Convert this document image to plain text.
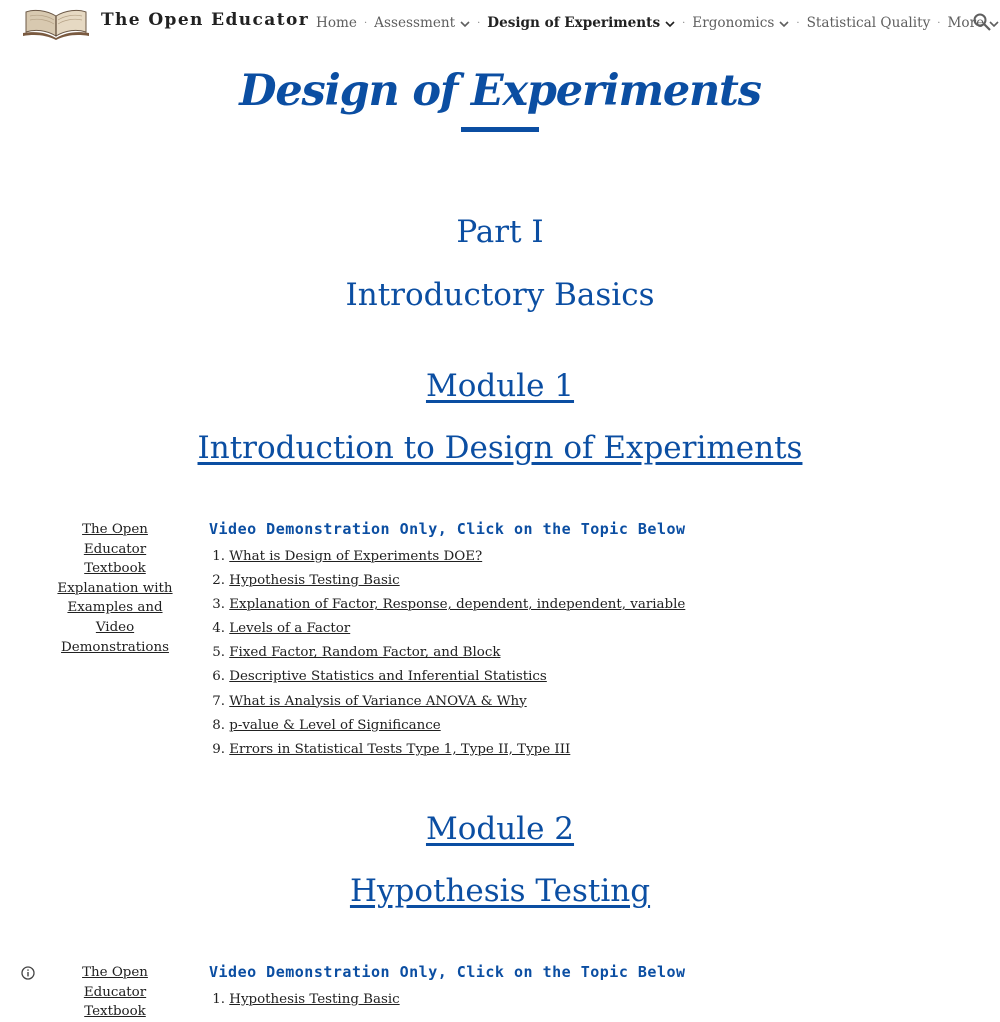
The Open Educator Home · Assessment · Design of Experiments · Ergonomics · Statistical Quality · More
Design of Experiments
Part I
Introductory Basics
Module 1
Introduction to Design of Experiments
The Open Educator Textbook Explanation with Examples and Video Demonstrations
Video Demonstration Only, Click on the Topic Below
1. What is Design of Experiments DOE?
2. Hypothesis Testing Basic
3. Explanation of Factor, Response, dependent, independent, variable
4. Levels of a Factor
5. Fixed Factor, Random Factor, and Block
6. Descriptive Statistics and Inferential Statistics
7. What is Analysis of Variance ANOVA & Why
8. p-value & Level of Significance
9. Errors in Statistical Tests Type 1, Type II, Type III
Module 2
Hypothesis Testing
The Open Educator Textbook
Video Demonstration Only, Click on the Topic Below
1. Hypothesis Testing Basic
